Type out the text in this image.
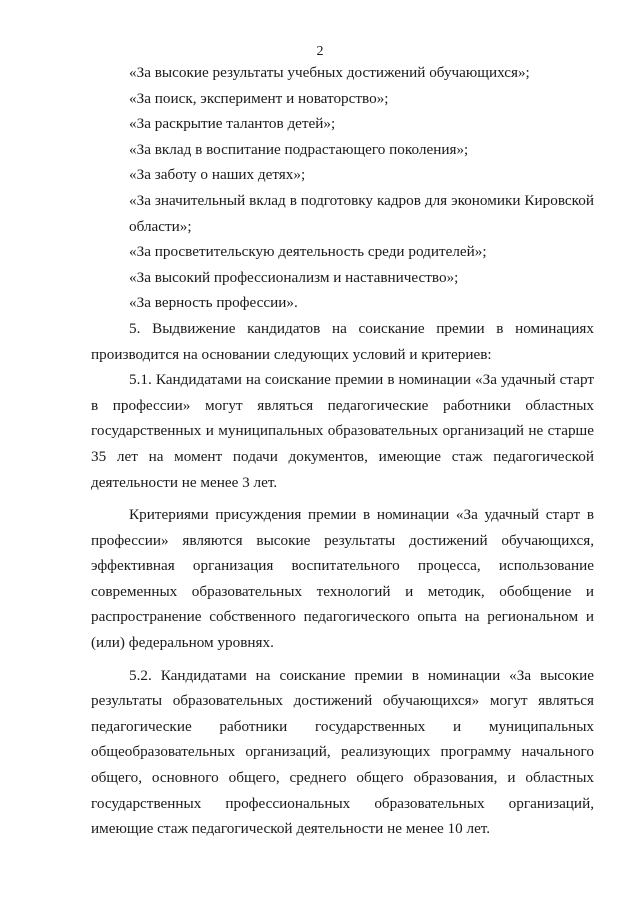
2
«За высокие результаты учебных достижений обучающихся»;
«За поиск, эксперимент и новаторство»;
«За раскрытие талантов детей»;
«За вклад в воспитание подрастающего поколения»;
«За заботу о наших детях»;
«За значительный вклад в подготовку кадров для экономики Кировской
области»;
«За просветительскую деятельность среди родителей»;
«За высокий профессионализм и наставничество»;
«За верность профессии».
5. Выдвижение кандидатов на соискание премии в номинациях
производится на основании следующих условий и критериев:
5.1. Кандидатами на соискание премии в номинации «За удачный старт
в профессии» могут являться педагогические работники областных
государственных и муниципальных образовательных организаций не старше
35 лет на момент подачи документов, имеющие стаж педагогической
деятельности не менее 3 лет.
Критериями присуждения премии в номинации «За удачный старт в
профессии» являются высокие результаты достижений обучающихся,
эффективная организация воспитательного процесса, использование
современных образовательных технологий и методик, обобщение и
распространение собственного педагогического опыта на региональном и
(или) федеральном уровнях.
5.2. Кандидатами на соискание премии в номинации «За высокие
результаты образовательных достижений обучающихся» могут являться
педагогические работники государственных и муниципальных
общеобразовательных организаций, реализующих программу начального
общего, основного общего, среднего общего образования, и областных
государственных профессиональных образовательных организаций,
имеющие стаж педагогической деятельности не менее 10 лет.
